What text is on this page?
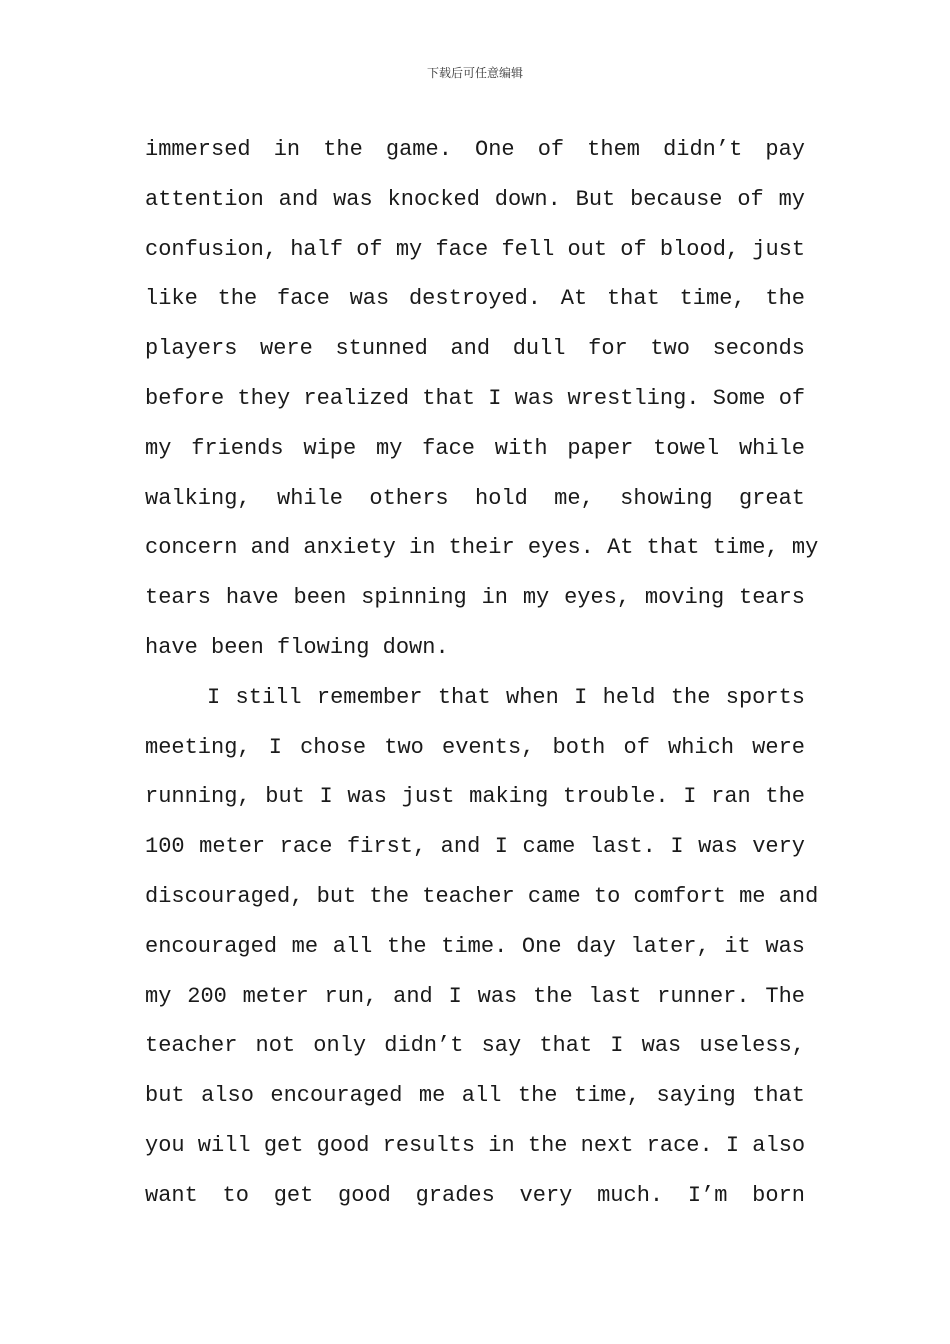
下载后可任意编辑

immersed in the game. One of them didn’t pay
attention and was knocked down. But because of my
confusion, half of my face fell out of blood, just
like the face was destroyed. At that time, the
players were stunned and dull for two seconds
before they realized that I was wrestling. Some of
my friends wipe my face with paper towel while
walking, while others hold me, showing great
concern and anxiety in their eyes. At that time, my
tears have been spinning in my eyes, moving tears
have been flowing down.

I still remember that when I held the sports
meeting, I chose two events, both of which were
running, but I was just making trouble. I ran the
100 meter race first, and I came last. I was very
discouraged, but the teacher came to comfort me and
encouraged me all the time. One day later, it was
my 200 meter run, and I was the last runner. The
teacher not only didn’t say that I was useless,
but also encouraged me all the time, saying that
you will get good results in the next race. I also
want to get good grades very much. I’m born
